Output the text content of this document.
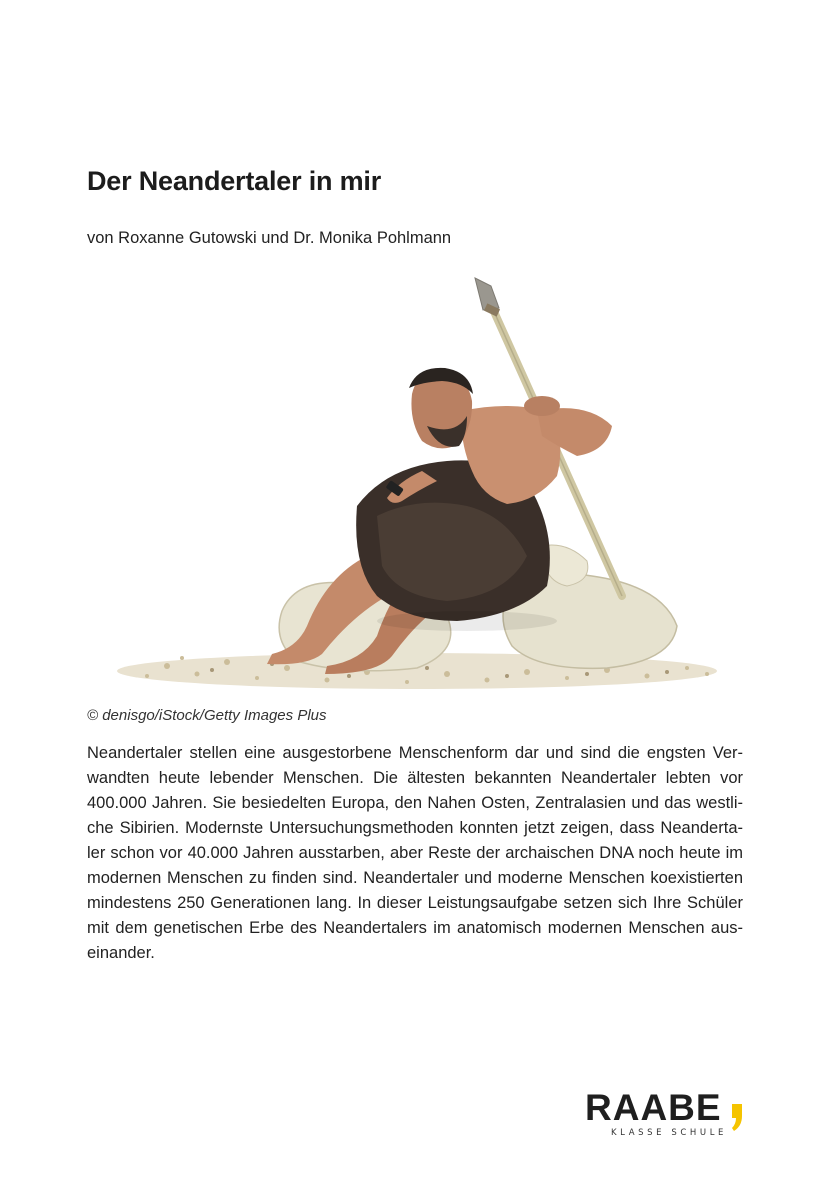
Der Neandertaler in mir
von Roxanne Gutowski und Dr. Monika Pohlmann
© denisgo/iStock/Getty Images Plus

Neandertaler stellen eine ausgestorbene Menschenform dar und sind die engsten Verwandten heute lebender Menschen. Die ältesten bekannten Neandertaler lebten vor 400.000 Jahren. Sie besiedelten Europa, den Nahen Osten, Zentralasien und das westliche Sibirien. Modernste Untersuchungsmethoden konnten jetzt zeigen, dass Neandertaler schon vor 40.000 Jahren ausstarben, aber Reste der archaischen DNA noch heute im modernen Menschen zu finden sind. Neandertaler und moderne Menschen koexistierten mindestens 250 Generationen lang. In dieser Leistungsaufgabe setzen sich Ihre Schüler mit dem genetischen Erbe des Neandertalers im anatomisch modernen Menschen auseinander.

RAABE
KLASSE SCHULE
